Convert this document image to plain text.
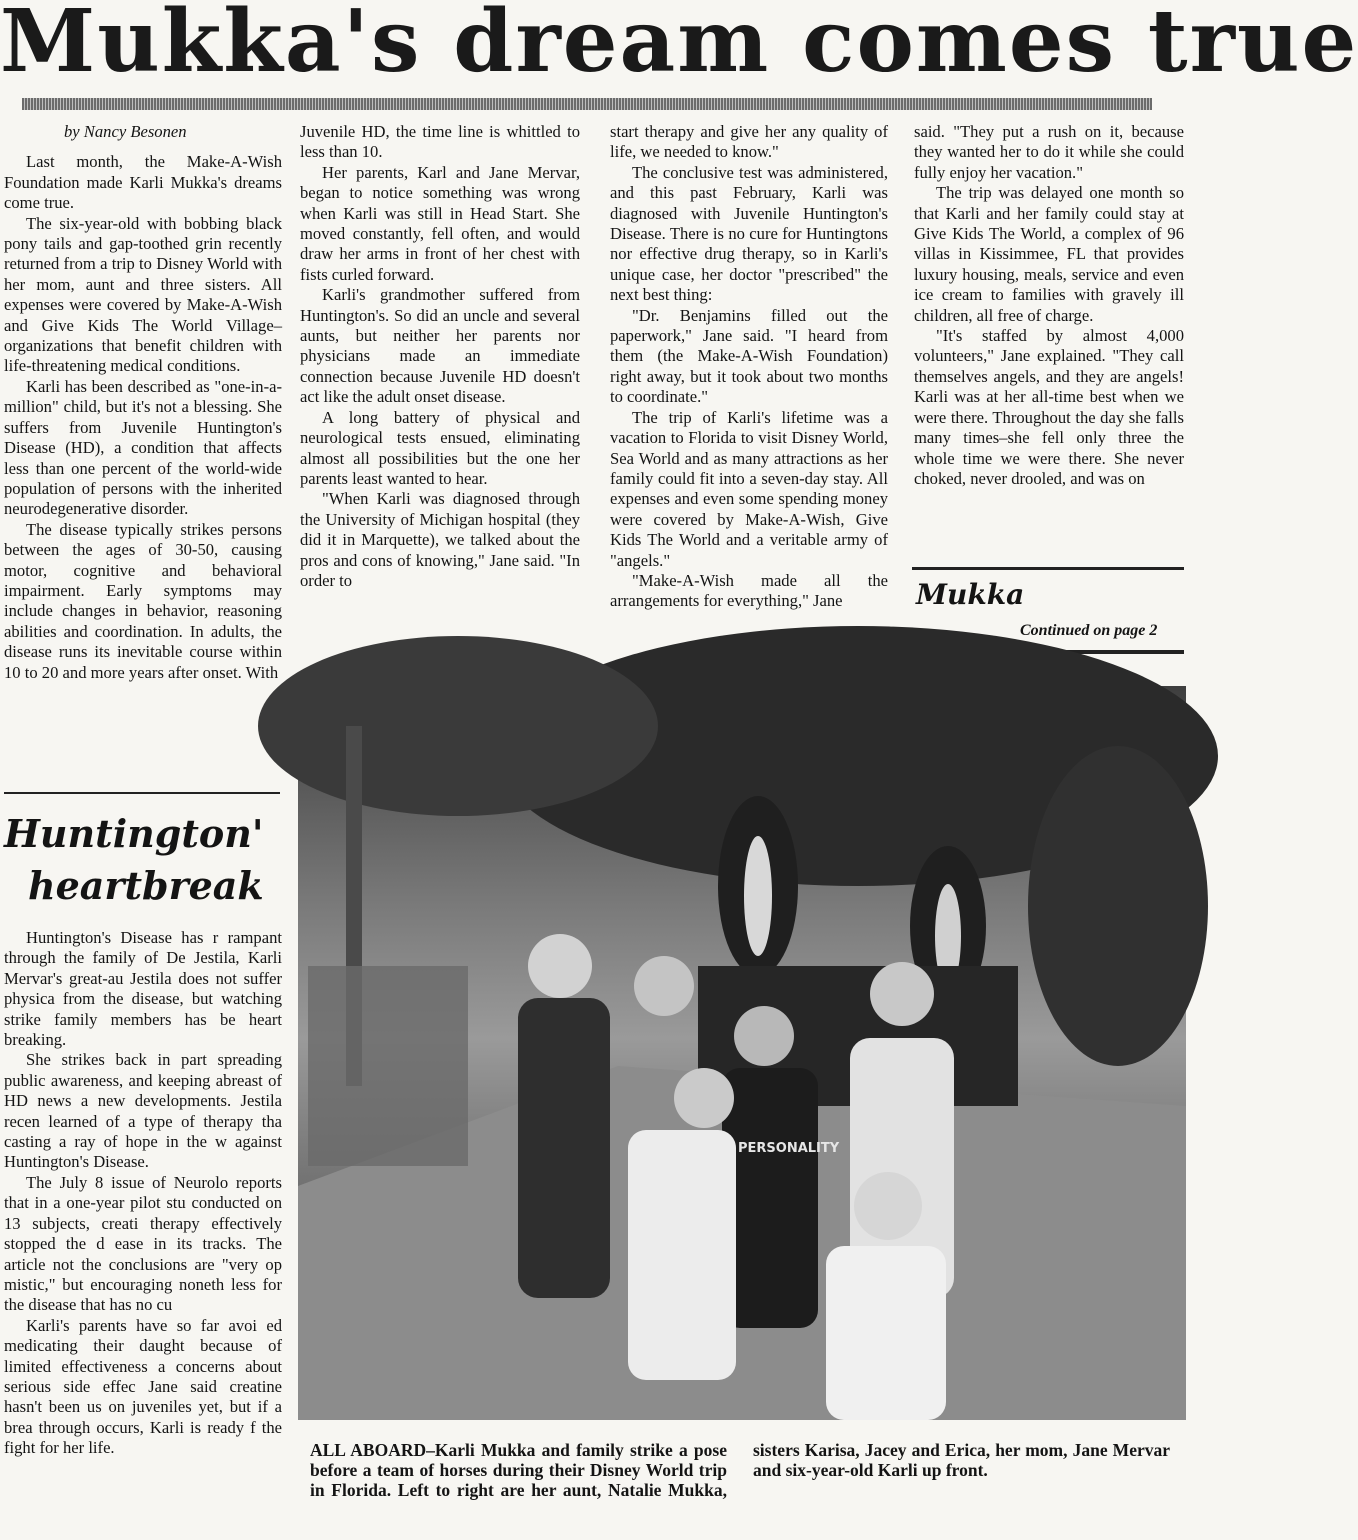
Mukka's dream comes true

by Nancy Besonen

Last month, the Make-A-Wish Foundation made Karli Mukka's dreams come true.

The six-year-old with bobbing black pony tails and gap-toothed grin recently returned from a trip to Disney World with her mom, aunt and three sisters. All expenses were covered by Make-A-Wish and Give Kids The World Village–organizations that benefit children with life-threatening medical conditions.

Karli has been described as "one-in-a-million" child, but it's not a blessing. She suffers from Juvenile Huntington's Disease (HD), a condition that affects less than one percent of the world-wide population of persons with the inherited neurodegenerative disorder.

The disease typically strikes persons between the ages of 30-50, causing motor, cognitive and behavioral impairment. Early symptoms may include changes in behavior, reasoning abilities and coordination. In adults, the disease runs its inevitable course within 10 to 20 and more years after onset. With

Huntington'
heartbreak

Huntington's Disease has r rampant through the family of De Jestila, Karli Mervar's great-au Jestila does not suffer physica from the disease, but watching strike family members has be heart breaking.

She strikes back in part spreading public awareness, and keeping abreast of HD news a new developments. Jestila recen learned of a type of therapy tha casting a ray of hope in the w against Huntington's Disease.

The July 8 issue of Neurolo reports that in a one-year pilot stu conducted on 13 subjects, creati therapy effectively stopped the d ease in its tracks. The article not the conclusions are "very op mistic," but encouraging noneth less for the disease that has no cu

Karli's parents have so far avoi ed medicating their daught because of limited effectiveness a concerns about serious side effec Jane said creatine hasn't been us on juveniles yet, but if a brea through occurs, Karli is ready f the fight for her life.

Juvenile HD, the time line is whittled to less than 10.

Her parents, Karl and Jane Mervar, began to notice something was wrong when Karli was still in Head Start. She moved constantly, fell often, and would draw her arms in front of her chest with fists curled forward.

Karli's grandmother suffered from Huntington's. So did an uncle and several aunts, but neither her parents nor physicians made an immediate connection because Juvenile HD doesn't act like the adult onset disease.

A long battery of physical and neurological tests ensued, eliminating almost all possibilities but the one her parents least wanted to hear.

"When Karli was diagnosed through the University of Michigan hospital (they did it in Marquette), we talked about the pros and cons of knowing," Jane said. "In order to

start therapy and give her any quality of life, we needed to know."

The conclusive test was administered, and this past February, Karli was diagnosed with Juvenile Huntington's Disease. There is no cure for Huntingtons nor effective drug therapy, so in Karli's unique case, her doctor "prescribed" the next best thing:

"Dr. Benjamins filled out the paperwork," Jane said. "I heard from them (the Make-A-Wish Foundation) right away, but it took about two months to coordinate."

The trip of Karli's lifetime was a vacation to Florida to visit Disney World, Sea World and as many attractions as her family could fit into a seven-day stay. All expenses and even some spending money were covered by Make-A-Wish, Give Kids The World and a veritable army of "angels."

"Make-A-Wish made all the arrangements for everything," Jane

said. "They put a rush on it, because they wanted her to do it while she could fully enjoy her vacation."

The trip was delayed one month so that Karli and her family could stay at Give Kids The World, a complex of 96 villas in Kissimmee, FL that provides luxury housing, meals, service and even ice cream to families with gravely ill children, all free of charge.

"It's staffed by almost 4,000 volunteers," Jane explained. "They call themselves angels, and they are angels! Karli was at her all-time best when we were there. Throughout the day she falls many times–she fell only three the whole time we were there. She never choked, never drooled, and was on

Mukka
Continued on page 2
PERSONALITY
ALL ABOARD–Karli Mukka and family strike a pose before a team of horses during their Disney World trip in Florida. Left to right are her aunt, Natalie Mukka, sisters Karisa, Jacey and Erica, her mom, Jane Mervar and six-year-old Karli up front.
